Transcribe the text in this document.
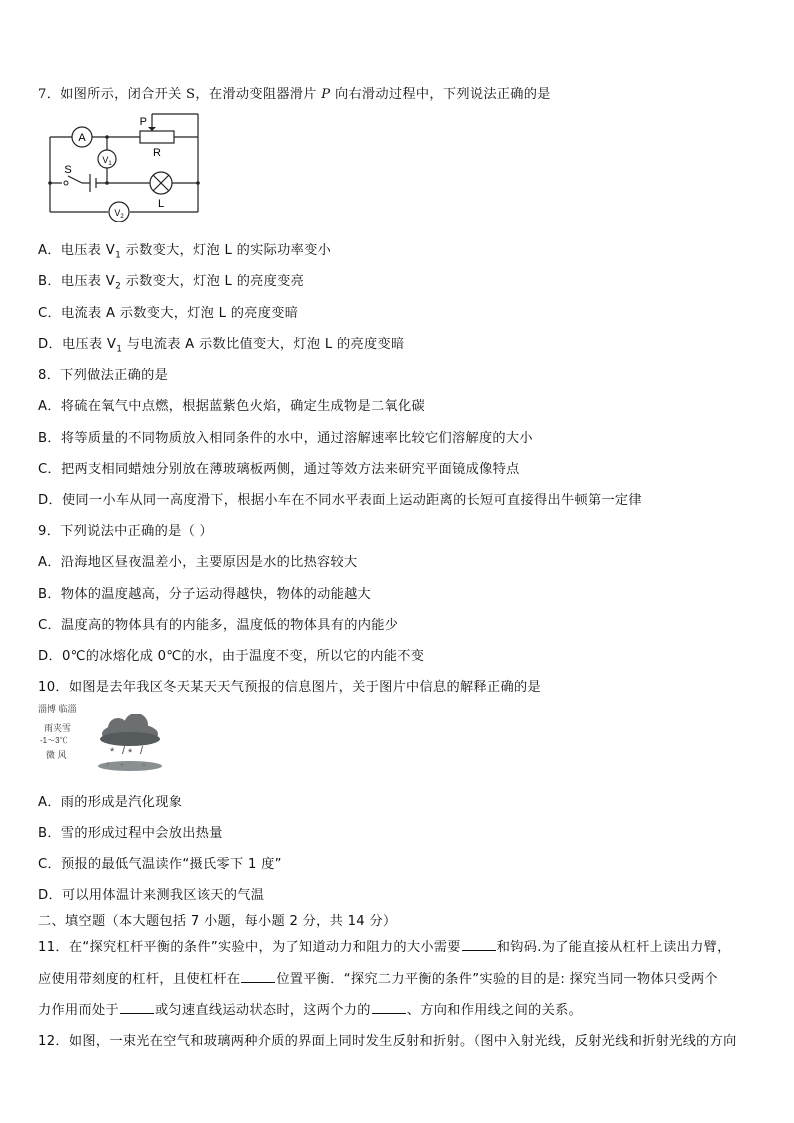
7．如图所示，闭合开关 S，在滑动变阻器滑片 P 向右滑动过程中，下列说法正确的是
A
$V_1$
$V_2$
P
R
S
L
A．电压表 $V_1$ 示数变大，灯泡 L 的实际功率变小
B．电压表 $V_2$ 示数变大，灯泡 L 的亮度变亮
C．电流表 A 示数变大，灯泡 L 的亮度变暗
D．电压表 $V_1$ 与电流表 A 示数比值变大，灯泡 L 的亮度变暗
8．下列做法正确的是
A．将硫在氧气中点燃，根据蓝紫色火焰，确定生成物是二氧化碳
B．将等质量的不同物质放入相同条件的水中，通过溶解速率比较它们溶解度的大小
C．把两支相同蜡烛分别放在薄玻璃板两侧，通过等效方法来研究平面镜成像特点
D．使同一小车从同一高度滑下，根据小车在不同水平表面上运动距离的长短可直接得出牛顿第一定律
9．下列说法中正确的是（ ）
A．沿海地区昼夜温差小，主要原因是水的比热容较大
B．物体的温度越高，分子运动得越快，物体的动能越大
C．温度高的物体具有的内能多，温度低的物体具有的内能少
D．0℃的冰熔化成 0℃的水，由于温度不变，所以它的内能不变
10．如图是去年我区冬天某天天气预报的信息图片，关于图片中信息的解释正确的是
淄博 临淄
雨夹雪
-1～3℃
微 风	* / * /
* * *
A．雨的形成是汽化现象
B．雪的形成过程中会放出热量
C．预报的最低气温读作“摄氏零下 1 度”
D．可以用体温计来测我区该天的气温
二、填空题（本大题包括 7 小题，每小题 2 分，共 14 分）
11．在“探究杠杆平衡的条件”实验中，为了知道动力和阻力的大小需要	和钩码.为了能直接从杠杆上读出力臂，
应使用带刻度的杠杆，且使杠杆在	位置平衡．“探究二力平衡的条件”实验的目的是: 探究当同一物体只受两个
力作用而处于	或匀速直线运动状态时，这两个力的	、方向和作用线之间的关系。
12．如图，一束光在空气和玻璃两种介质的界面上同时发生反射和折射。（图中入射光线，反射光线和折射光线的方向
